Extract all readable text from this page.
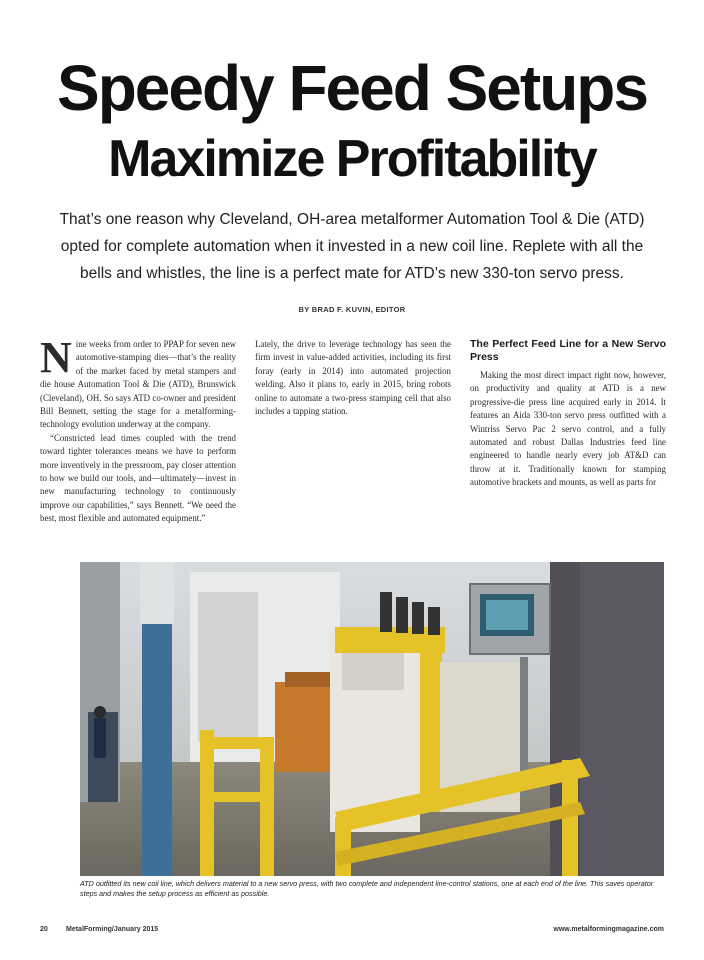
Speedy Feed Setups
Maximize Profitability
That’s one reason why Cleveland, OH-area metalformer Automation Tool & Die (ATD) opted for complete automation when it invested in a new coil line. Replete with all the bells and whistles, the line is a perfect mate for ATD’s new 330-ton servo press.
BY BRAD F. KUVIN, EDITOR

Nine weeks from order to PPAP for seven new automotive-stamping dies—that’s the reality of the market faced by metal stampers and die house Automation Tool & Die (ATD), Brunswick (Cleveland), OH. So says ATD co-owner and president Bill Bennett, setting the stage for a metalforming-technology evolution underway at the company.

“Constricted lead times coupled with the trend toward tighter tolerances means we have to perform more inventively in the pressroom, pay closer attention to how we build our tools, and—ultimately—invest in new manufacturing technology to continuously improve our capabilities,” says Bennett. “We need the best, most flexible and automated equipment.”

Lately, the drive to leverage technology has seen the firm invest in value-added activities, including its first foray (early in 2014) into automated projection welding. Also it plans to, early in 2015, bring robots online to automate a two-press stamping cell that also includes a tapping station.

The Perfect Feed Line for a New Servo Press

Making the most direct impact right now, however, on productivity and quality at ATD is a new progressive-die press line acquired early in 2014. It features an Aida 330-ton servo press outfitted with a Wintriss Servo Pac 2 servo control, and a fully automated and robust Dallas Industries feed line engineered to handle nearly every job AT&D can throw at it. Traditionally known for stamping automotive brackets and mounts, as well as parts for

ATD outfitted its new coil line, which delivers material to a new servo press, with two complete and independent line-control stations, one at each end of the line. This saves operator steps and makes the setup process as efficient as possible.
20	MetalForming/January 2015	www.metalformingmagazine.com
